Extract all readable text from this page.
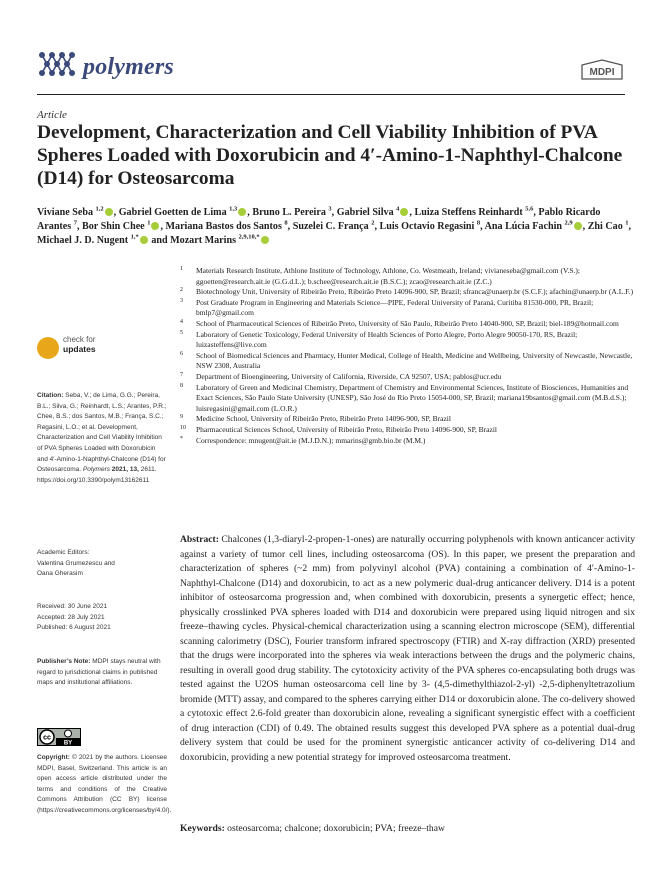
polymers	MDPI
Article
Development, Characterization and Cell Viability Inhibition of PVA Spheres Loaded with Doxorubicin and 4′-Amino-1-Naphthyl-Chalcone (D14) for Osteosarcoma
Viviane Seba $^{1,2}$ , Gabriel Goetten de Lima $^{1,3}$ , Bruno L. Pereira $^3$, Gabriel Silva $^4$ , Luiza Steffens Reinhardt $^{5,6}$, Pablo Ricardo Arantes $^7$, Bor Shin Chee $^1$ , Mariana Bastos dos Santos $^8$, Suzelei C. França $^2$, Luis Octavio Regasini $^8$, Ana Lúcia Fachin $^{2,9}$ , Zhi Cao $^1$, Michael J. D. Nugent $^{1,*}$ and Mozart Marins $^{2,9,10,*}$
1 Materials Research Institute, Athlone Institute of Technology, Athlone, Co. Westmeath, Ireland; vivianeseba@gmail.com (V.S.); ggoetten@research.ait.ie (G.G.d.L.); b.schee@research.ait.ie (B.S.C.); zcao@research.ait.ie (Z.C.)
2 Biotechnology Unit, University of Ribeirão Preto, Ribeirão Preto 14096-900, SP, Brazil; sfranca@unaerp.br (S.C.F.); afachin@unaerp.br (A.L.F.)
3 Post Graduate Program in Engineering and Materials Science—PIPE, Federal University of Paraná, Curitiba 81530-000, PR, Brazil; bmlp7@gmail.com
4 School of Pharmaceutical Sciences of Ribeirão Preto, University of São Paulo, Ribeirão Preto 14040-900, SP, Brazil; biel-189@hotmail.com
5 Laboratory of Genetic Toxicology, Federal University of Health Sciences of Porto Alegre, Porto Alegre 90050-170, RS, Brazil; luizasteffens@live.com
6 School of Biomedical Sciences and Pharmacy, Hunter Medical, College of Health, Medicine and Wellbeing, University of Newcastle, Newcastle, NSW 2308, Australia
7 Department of Bioengineering, University of California, Riverside, CA 92507, USA; pablos@ucr.edu
8 Laboratory of Green and Medicinal Chemistry, Department of Chemistry and Environmental Sciences, Institute of Biosciences, Humanities and Exact Sciences, São Paulo State University (UNESP), São José do Rio Preto 15054-000, SP, Brazil; mariana19bsantos@gmail.com (M.B.d.S.); luisregasini@gmail.com (L.O.R.)
9 Medicine School, University of Ribeirão Preto, Ribeirão Preto 14096-900, SP, Brazil
10 Pharmaceutical Sciences School, University of Ribeirão Preto, Ribeirão Preto 14096-900, SP, Brazil
* Correspondence: mnugent@ait.ie (M.J.D.N.); mmarins@gmb.bio.br (M.M.)
check for
updates
Citation: Seba, V.; de Lima, G.G.; Pereira, B.L.; Silva, G.; Reinhardt, L.S.; Arantes, P.R.; Chee, B.S.; dos Santos, M.B.; França, S.C.; Regasini, L.O.; et al. Development, Characterization and Cell Viability Inhibition of PVA Spheres Loaded with Doxorubicin and 4′-Amino-1-Naphthyl-Chalcone (D14) for Osteosarcoma. Polymers 2021, 13, 2611. https://doi.org/10.3390/polym13162611
Academic Editors:
Valentina Grumezescu and
Oana Gherasim
Received: 30 June 2021
Accepted: 28 July 2021
Published: 6 August 2021
Publisher’s Note: MDPI stays neutral with regard to jurisdictional claims in published maps and institutional affiliations.
cc
BY
Copyright: © 2021 by the authors. Licensee MDPI, Basel, Switzerland. This article is an open access article distributed under the terms and conditions of the Creative Commons Attribution (CC BY) license (https://creativecommons.org/licenses/by/4.0/).

Abstract: Chalcones (1,3-diaryl-2-propen-1-ones) are naturally occurring polyphenols with known anticancer activity against a variety of tumor cell lines, including osteosarcoma (OS). In this paper, we present the preparation and characterization of spheres (~2 mm) from polyvinyl alcohol (PVA) containing a combination of 4′-Amino-1-Naphthyl-Chalcone (D14) and doxorubicin, to act as a new polymeric dual-drug anticancer delivery. D14 is a potent inhibitor of osteosarcoma progression and, when combined with doxorubicin, presents a synergetic effect; hence, physically crosslinked PVA spheres loaded with D14 and doxorubicin were prepared using liquid nitrogen and six freeze–thawing cycles. Physical-chemical characterization using a scanning electron microscope (SEM), differential scanning calorimetry (DSC), Fourier transform infrared spectroscopy (FTIR) and X-ray diffraction (XRD) presented that the drugs were incorporated into the spheres via weak interactions between the drugs and the polymeric chains, resulting in overall good drug stability. The cytotoxicity activity of the PVA spheres co-encapsulating both drugs was tested against the U2OS human osteosarcoma cell line by 3- (4,5-dimethylthiazol-2-yl) -2,5-diphenyltetrazolium bromide (MTT) assay, and compared to the spheres carrying either D14 or doxorubicin alone. The co-delivery showed a cytotoxic effect 2.6-fold greater than doxorubicin alone, revealing a significant synergistic effect with a coefficient of drug interaction (CDI) of 0.49. The obtained results suggest this developed PVA sphere as a potential dual-drug delivery system that could be used for the prominent synergistic anticancer activity of co-delivering D14 and doxorubicin, providing a new potential strategy for improved osteosarcoma treatment.

Keywords: osteosarcoma; chalcone; doxorubicin; PVA; freeze–thaw
